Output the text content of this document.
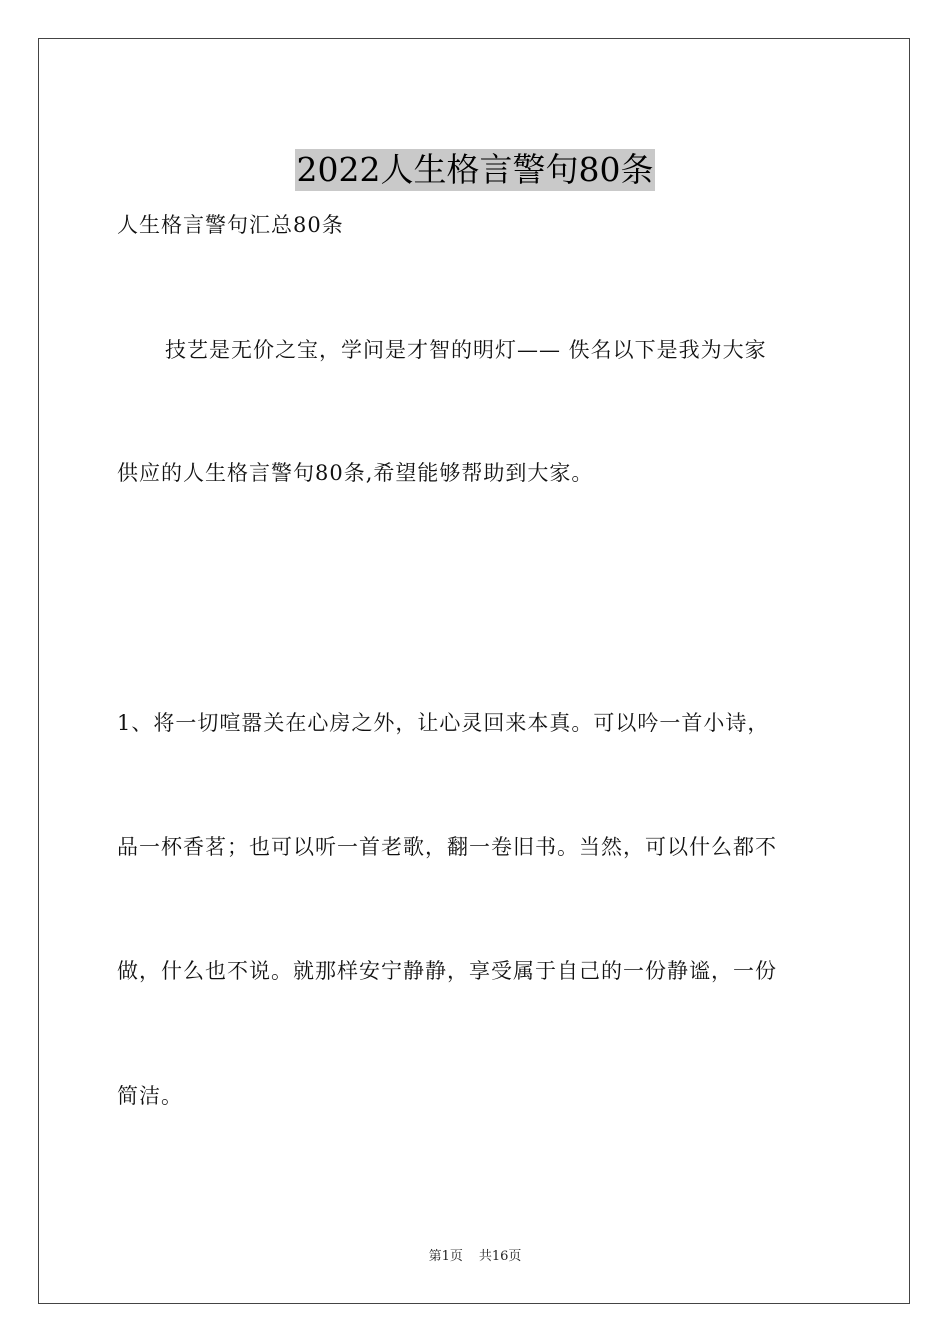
2022人生格言警句80条
人生格言警句汇总80条
技艺是无价之宝，学问是才智的明灯—— 佚名以下是我为大家
供应的人生格言警句80条,希望能够帮助到大家。
1、将一切喧嚣关在心房之外，让心灵回来本真。可以吟一首小诗，
品一杯香茗；也可以听一首老歌，翻一卷旧书。当然，可以什么都不
做，什么也不说。就那样安宁静静，享受属于自己的一份静谧，一份
简洁。
第1页 共16页
